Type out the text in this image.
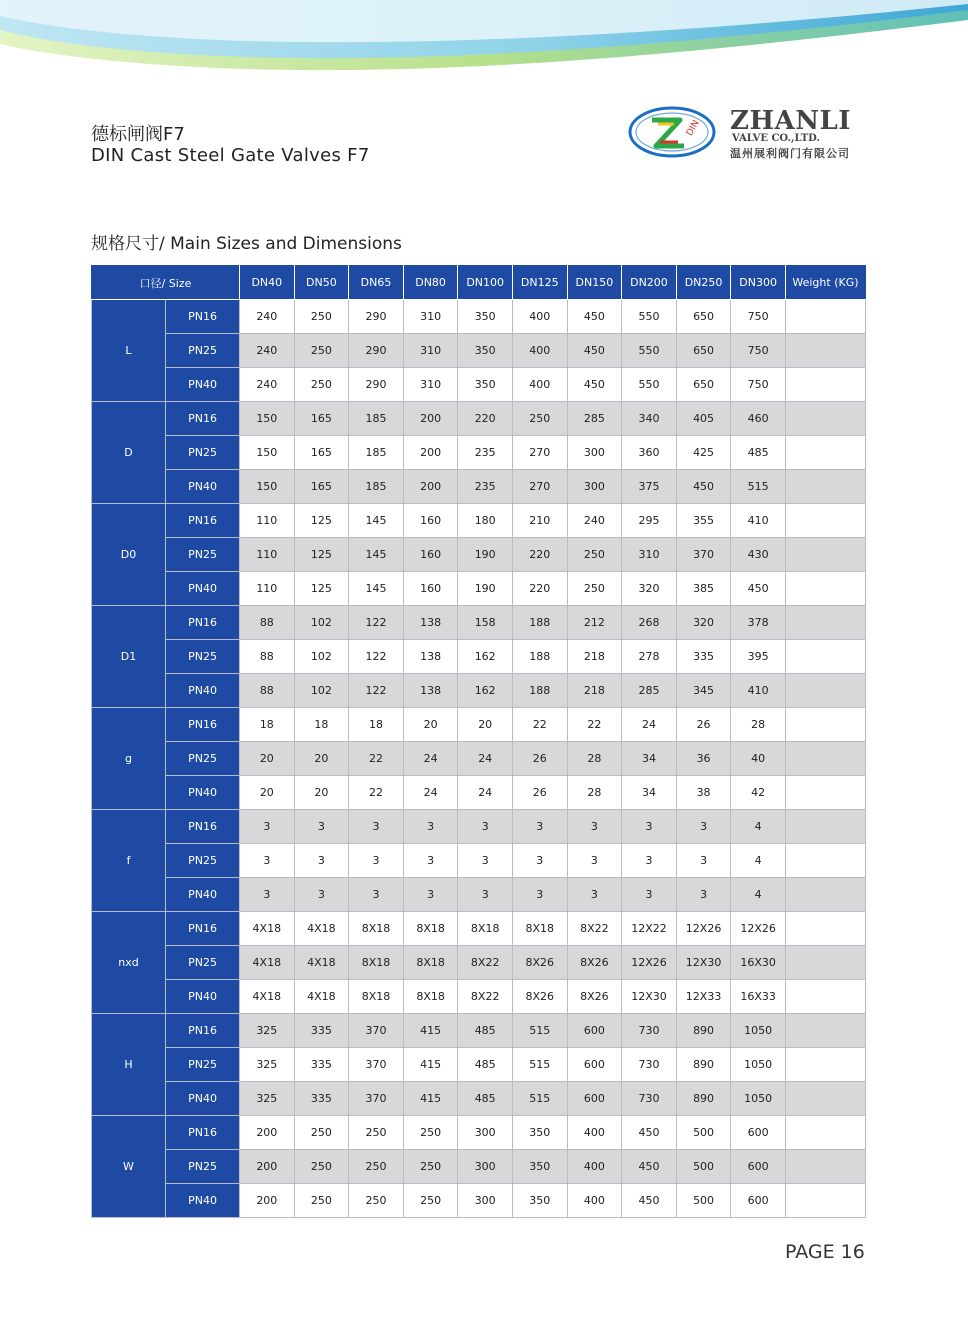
德标闸阀F7
DIN Cast Steel Gate Valves F7
DIN ZHANLI
VALVE CO.,LTD.
温州展利阀门有限公司
规格尺寸/ Main Sizes and Dimensions
口径/ Size		DN40	DN50	DN65	DN80	DN100	DN125	DN150	DN200	DN250	DN300	Weight (KG)
L	PN16	240	250	290	310	350	400	450	550	650	750	
	PN25	240	250	290	310	350	400	450	550	650	750	
	PN40	240	250	290	310	350	400	450	550	650	750	
D	PN16	150	165	185	200	220	250	285	340	405	460	
	PN25	150	165	185	200	235	270	300	360	425	485	
	PN40	150	165	185	200	235	270	300	375	450	515	
D0	PN16	110	125	145	160	180	210	240	295	355	410	
	PN25	110	125	145	160	190	220	250	310	370	430	
	PN40	110	125	145	160	190	220	250	320	385	450	
D1	PN16	88	102	122	138	158	188	212	268	320	378	
	PN25	88	102	122	138	162	188	218	278	335	395	
	PN40	88	102	122	138	162	188	218	285	345	410	
g	PN16	18	18	18	20	20	22	22	24	26	28	
	PN25	20	20	22	24	24	26	28	34	36	40	
	PN40	20	20	22	24	24	26	28	34	38	42	
f	PN16	3	3	3	3	3	3	3	3	3	4	
	PN25	3	3	3	3	3	3	3	3	3	4	
	PN40	3	3	3	3	3	3	3	3	3	4	
nxd	PN16	4X18	4X18	8X18	8X18	8X18	8X18	8X22	12X22	12X26	12X26	
	PN25	4X18	4X18	8X18	8X18	8X22	8X26	8X26	12X26	12X30	16X30	
	PN40	4X18	4X18	8X18	8X18	8X22	8X26	8X26	12X30	12X33	16X33	
H	PN16	325	335	370	415	485	515	600	730	890	1050	
	PN25	325	335	370	415	485	515	600	730	890	1050	
	PN40	325	335	370	415	485	515	600	730	890	1050	
W	PN16	200	250	250	250	300	350	400	450	500	600	
	PN25	200	250	250	250	300	350	400	450	500	600	
	PN40	200	250	250	250	300	350	400	450	500	600	
PAGE 16
